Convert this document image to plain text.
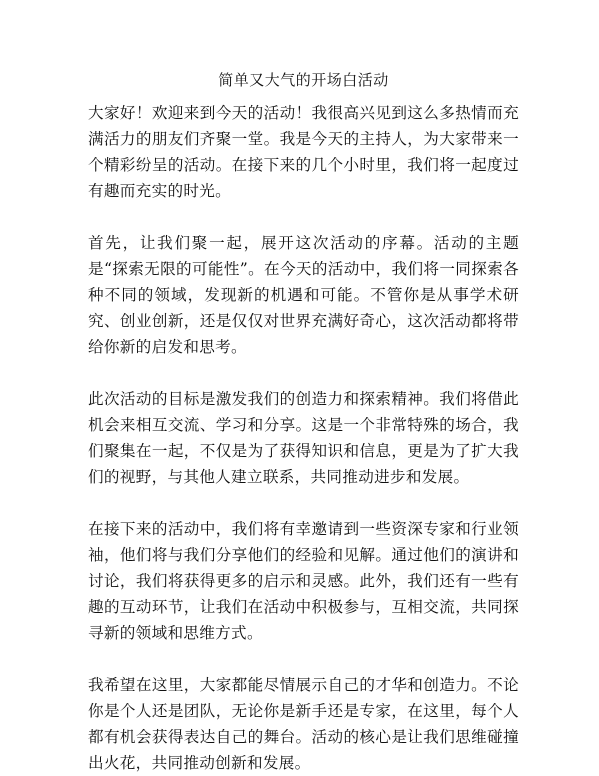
简单又大气的开场白活动

大家好！欢迎来到今天的活动！我很高兴见到这么多热情而充满活力的朋友们齐聚一堂。我是今天的主持人，为大家带来一个精彩纷呈的活动。在接下来的几个小时里，我们将一起度过有趣而充实的时光。

首先，让我们聚一起，展开这次活动的序幕。活动的主题是“探索无限的可能性”。在今天的活动中，我们将一同探索各种不同的领域，发现新的机遇和可能。不管你是从事学术研究、创业创新，还是仅仅对世界充满好奇心，这次活动都将带给你新的启发和思考。

此次活动的目标是激发我们的创造力和探索精神。我们将借此机会来相互交流、学习和分享。这是一个非常特殊的场合，我们聚集在一起，不仅是为了获得知识和信息，更是为了扩大我们的视野，与其他人建立联系，共同推动进步和发展。

在接下来的活动中，我们将有幸邀请到一些资深专家和行业领袖，他们将与我们分享他们的经验和见解。通过他们的演讲和讨论，我们将获得更多的启示和灵感。此外，我们还有一些有趣的互动环节，让我们在活动中积极参与，互相交流，共同探寻新的领域和思维方式。

我希望在这里，大家都能尽情展示自己的才华和创造力。不论你是个人还是团队，无论你是新手还是专家，在这里，每个人都有机会获得表达自己的舞台。活动的核心是让我们思维碰撞出火花，共同推动创新和发展。
